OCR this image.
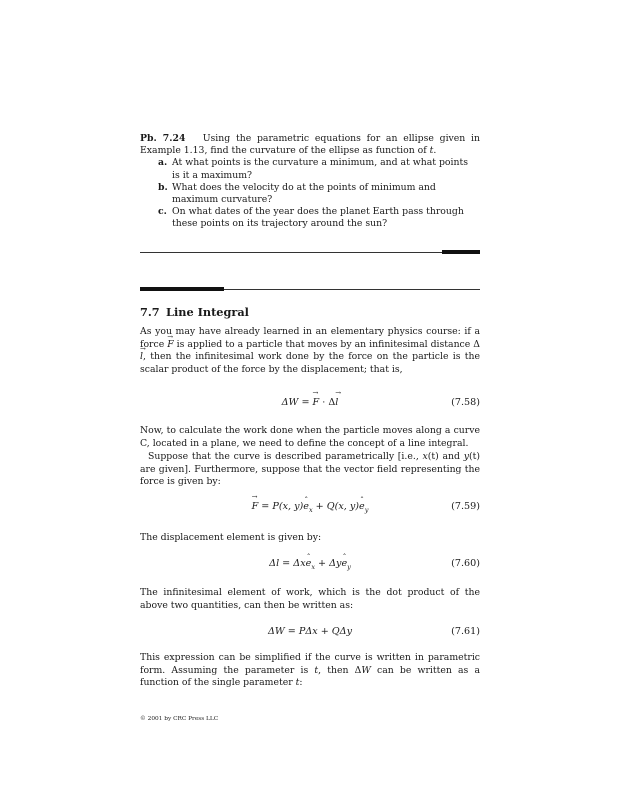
Pb. 7.24 Using the parametric equations for an ellipse given in Example 1.13, find the curvature of the ellipse as function of t.
a. At what points is the curvature a minimum, and at what points is it a maximum?
b. What does the velocity do at the points of minimum and maximum curvature?
c. On what dates of the year does the planet Earth pass through these points on its trajectory around the sun?
7.7 Line Integral
As you may have already learned in an elementary physics course: if a force → F is applied to a particle that moves by an infinitesimal distance Δ→ l, then the infinitesimal work done by the force on the particle is the scalar product of the force by the displacement; that is,
ΔW = → F · Δ→ l	(7.58)
Now, to calculate the work done when the particle moves along a curve C, located in a plane, we need to define the concept of a line integral.
Suppose that the curve is described parametrically [i.e., x(t) and y(t) are given]. Furthermore, suppose that the vector field representing the force is given by:
→ F = P(x, y)ˆ $e_x + Q(x$, y)ˆ $e_y$	(7.59)
The displacement element is given by:
Δl = Δxˆ $e_x$ + Δyˆ $e_y$	(7.60)
The infinitesimal element of work, which is the dot product of the above two quantities, can then be written as:
ΔW = PΔx + QΔy	(7.61)
This expression can be simplified if the curve is written in parametric form. Assuming the parameter is t, then ΔW can be written as a function of the single parameter t:
© 2001 by CRC Press LLC
